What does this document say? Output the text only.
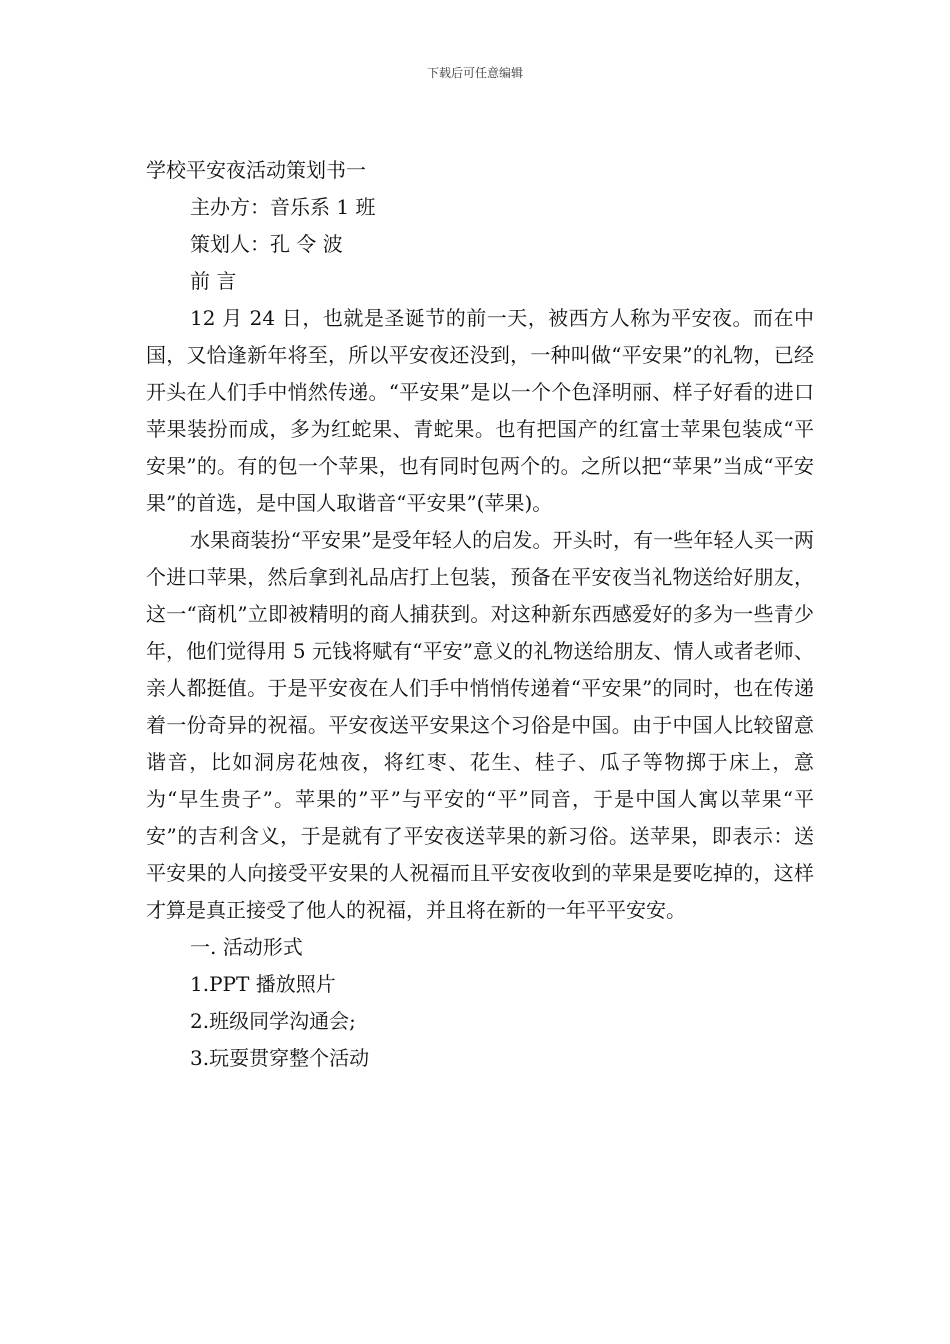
下载后可任意编辑

学校平安夜活动策划书一

主办方：音乐系 1 班

策划人：孔 令 波

前 言

12 月 24 日，也就是圣诞节的前一天，被西方人称为平安夜。而在中国，又恰逢新年将至，所以平安夜还没到，一种叫做“平安果”的礼物，已经开头在人们手中悄然传递。“平安果”是以一个个色泽明丽、样子好看的进口苹果装扮而成，多为红蛇果、青蛇果。也有把国产的红富士苹果包装成“平安果”的。有的包一个苹果，也有同时包两个的。之所以把“苹果”当成“平安果”的首选，是中国人取谐音“平安果”(苹果)。

水果商装扮“平安果”是受年轻人的启发。开头时，有一些年轻人买一两个进口苹果，然后拿到礼品店打上包装，预备在平安夜当礼物送给好朋友，这一“商机”立即被精明的商人捕获到。对这种新东西感爱好的多为一些青少年，他们觉得用 5 元钱将赋有“平安”意义的礼物送给朋友、情人或者老师、亲人都挺值。于是平安夜在人们手中悄悄传递着“平安果”的同时，也在传递着一份奇异的祝福。平安夜送平安果这个习俗是中国。由于中国人比较留意谐音，比如洞房花烛夜，将红枣、花生、桂子、瓜子等物掷于床上，意为“早生贵子”。苹果的”平”与平安的“平”同音，于是中国人寓以苹果“平安”的吉利含义，于是就有了平安夜送苹果的新习俗。送苹果，即表示：送平安果的人向接受平安果的人祝福而且平安夜收到的苹果是要吃掉的，这样才算是真正接受了他人的祝福，并且将在新的一年平平安安。

一. 活动形式

1.PPT 播放照片

2.班级同学沟通会;

3.玩耍贯穿整个活动
